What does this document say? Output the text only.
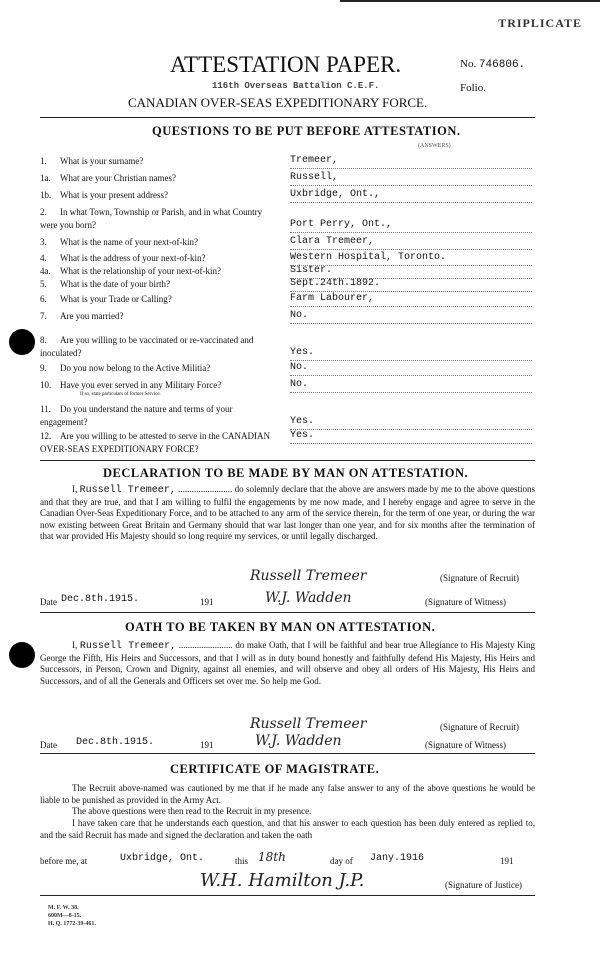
TRIPLICATE
ATTESTATION PAPER.	No. 746806.
116th Overseas Battalion C.E.F.	Folio.
CANADIAN OVER-SEAS EXPEDITIONARY FORCE.
QUESTIONS TO BE PUT BEFORE ATTESTATION.
(ANSWERS)
1. What is your surname?	Tremeer,
1a. What are your Christian names?	Russell,
1b. What is your present address?	Uxbridge, Ont.,
2. In what Town, Township or Parish, and in what Country were you born?	Port Perry, Ont.,
3. What is the name of your next-of-kin?	Clara Tremeer,
4. What is the address of your next-of-kin?	Western Hospital, Toronto.
4a. What is the relationship of your next-of-kin?	Sister.
5. What is the date of your birth?	Sept.24th.1892.
6. What is your Trade or Calling?	Farm Labourer,
7. Are you married?	No.
8. Are you willing to be vaccinated or re-vaccinated and inoculated?	Yes.
9. Do you now belong to the Active Militia?	No.
10. Have you ever served in any Military Force?
If so, state particulars of former Service.
No.
11. Do you understand the nature and terms of your engagement?	Yes.
12. Are you willing to be attested to serve in the CANADIAN OVER-SEAS EXPEDITIONARY FORCE?
Yes.
DECLARATION TO BE MADE BY MAN ON ATTESTATION.
I, Russell Tremeer, ........................ do solemnly declare that the above are answers made by me to the above questions and that they are true, and that I am willing to fulfil the engagements by me now made, and I hereby engage and agree to serve in the Canadian Over-Seas Expeditionary Force, and to be attached to any arm of the service therein, for the term of one year, or during the war now existing between Great Britain and Germany should that war last longer than one year, and for six months after the termination of that war provided His Majesty should so long require my services, or until legally discharged.
Russell Tremeer	(Signature of Recruit)
Date Dec.8th.1915.	191	W.J. Wadden	(Signature of Witness)
OATH TO BE TAKEN BY MAN ON ATTESTATION.
I, Russell Tremeer, ........................ do make Oath, that I will be faithful and bear true Allegiance to His Majesty King George the Fifth, His Heirs and Successors, and that I will as in duty bound honestly and faithfully defend His Majesty, His Heirs and Successors, in Person, Crown and Dignity, against all enemies, and will observe and obey all orders of His Majesty, His Heirs and Successors, and of all the Generals and Officers set over me. So help me God.
Russell Tremeer	(Signature of Recruit)
Date Dec.8th.1915.	191	W.J. Wadden	(Signature of Witness)
CERTIFICATE OF MAGISTRATE.
The Recruit above-named was cautioned by me that if he made any false answer to any of the above questions he would be liable to be punished as provided in the Army Act.
The above questions were then read to the Recruit in my presence.
I have taken care that he understands each question, and that his answer to each question has been duly entered as replied to, and the said Recruit has made and signed the declaration and taken the oath
before me, at	Uxbridge, Ont.	this 18th	day of Jany.1916	191
W.H. Hamilton J.P.	(Signature of Justice)
M. F. W. 38.
600M—8-15.
H. Q. 1772-39-461.
